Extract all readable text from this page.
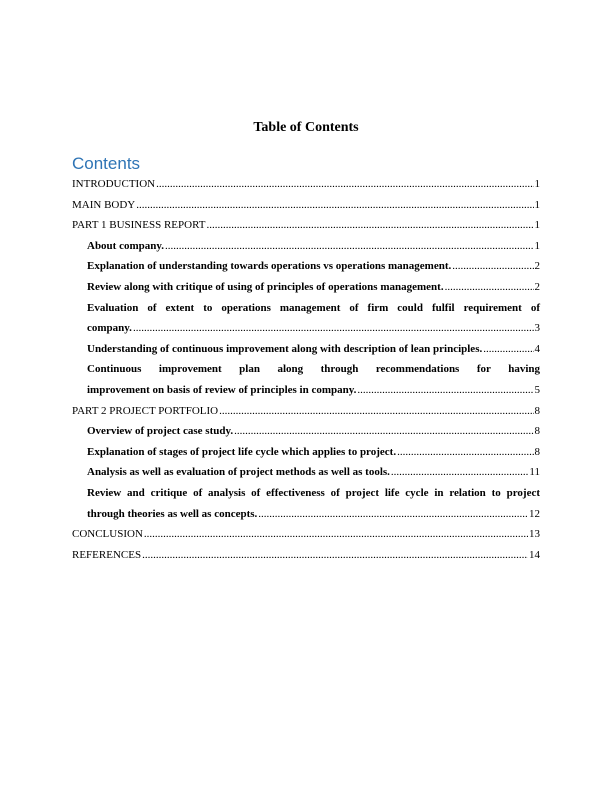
Table of Contents
Contents
INTRODUCTION .....	1
MAIN BODY .....	1
PART 1 BUSINESS REPORT .....	1
About company. .....	1
Explanation of understanding towards operations vs operations management. .....	2
Review along with critique of using of principles of operations management. .....	2
Evaluation of extent to operations management of firm could fulfil requirement of
company. .....	3
Understanding of continuous improvement along with description of lean principles. .....	4
Continuous improvement plan along through recommendations for having
improvement on basis of review of principles in company. .....	5
PART 2 PROJECT PORTFOLIO .....	8
Overview of project case study. .....	8
Explanation of stages of project life cycle which applies to project. .....	8
Analysis as well as evaluation of project methods as well as tools. .....	11
Review and critique of analysis of effectiveness of project life cycle in relation to project
through theories as well as concepts. .....	12
CONCLUSION .....	13
REFERENCES .....	14
